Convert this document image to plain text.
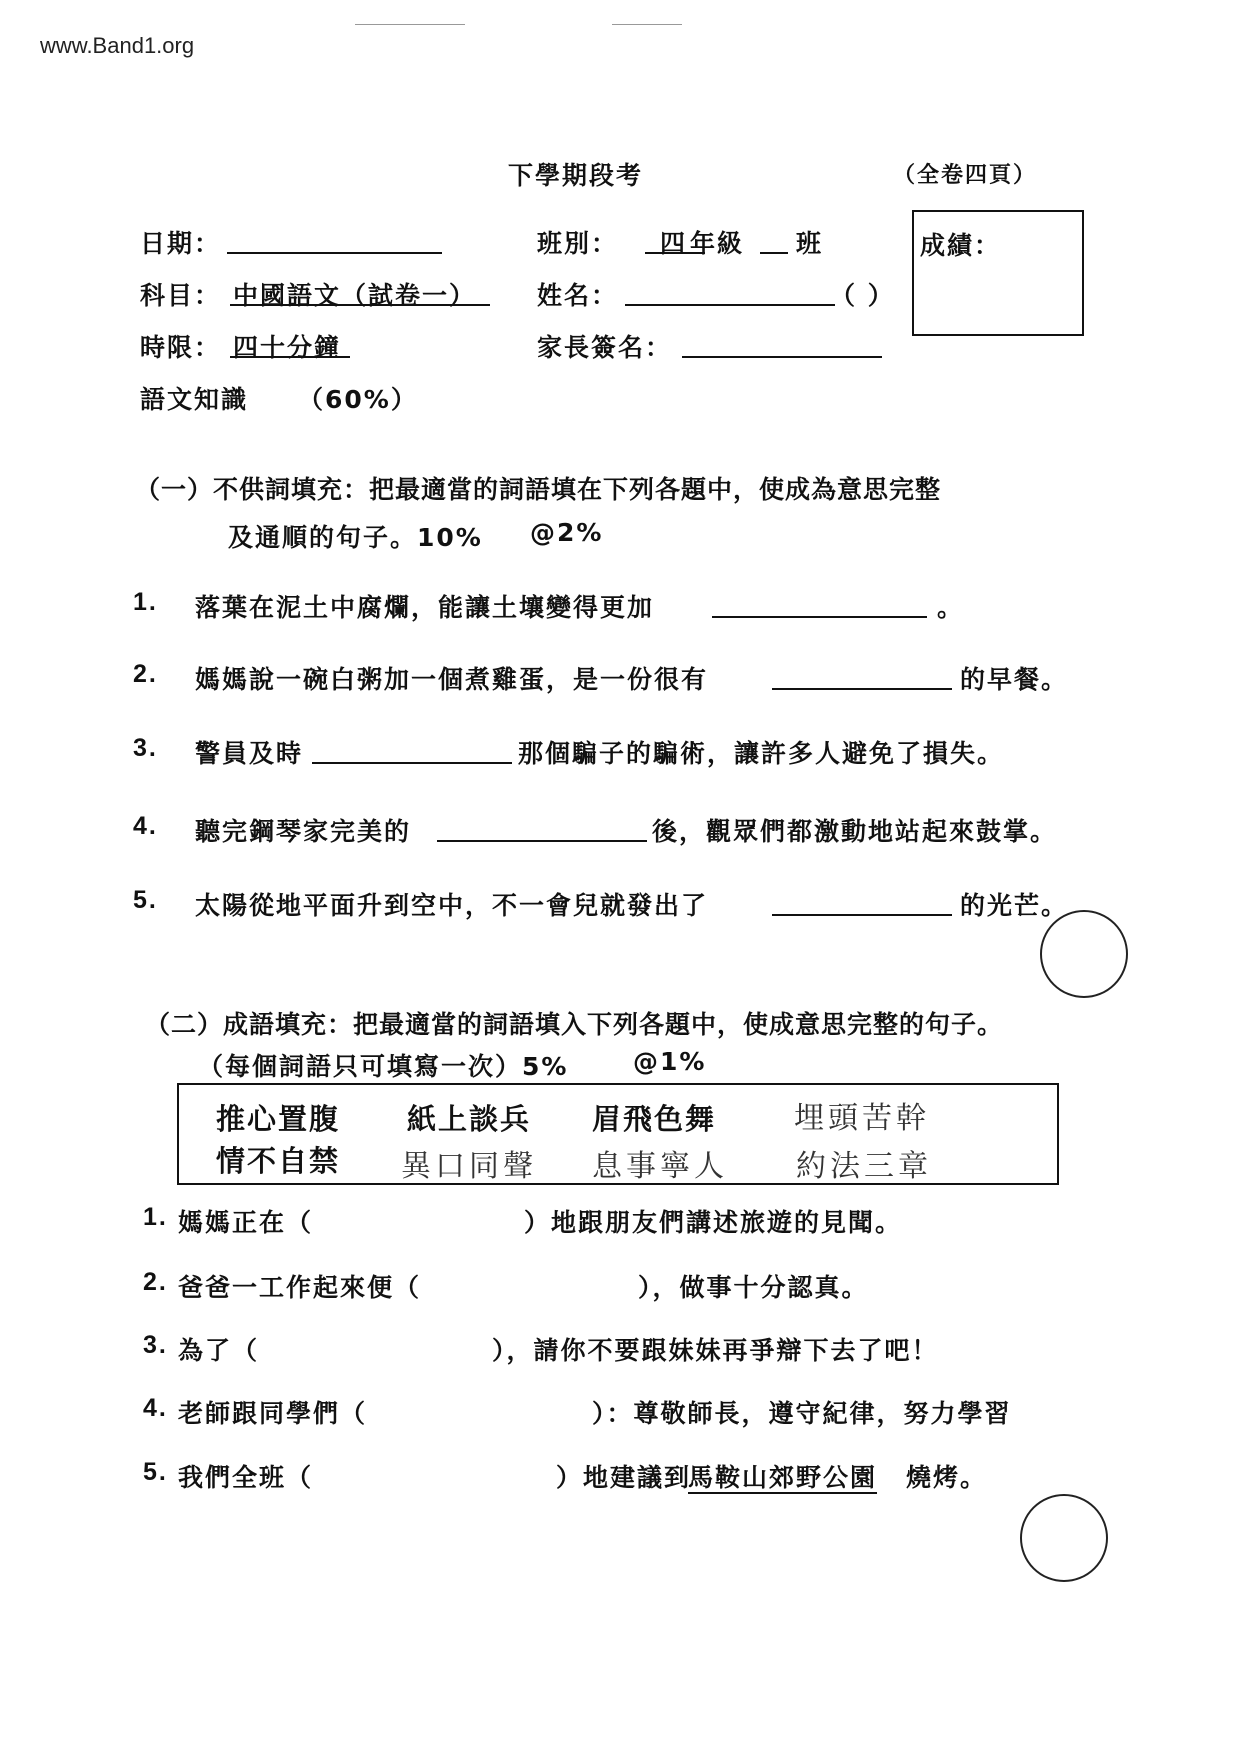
www.Band1.org
下學期段考	（全卷四頁）
日期：	班別： 四 年級 班	成績：
科目： 中國語文（試卷一） 姓名：	（ ）
時限： 四十分鐘	家長簽名：
語文知識 （60%）
（一）不供詞填充：把最適當的詞語填在下列各題中，使成為意思完整
及通順的句子。10% @2%
1. 落葉在泥土中腐爛，能讓土壤變得更加	。
2. 媽媽說一碗白粥加一個煮雞蛋，是一份很有	的早餐。
3. 警員及時	那個騙子的騙術，讓許多人避免了損失。
4. 聽完鋼琴家完美的	後，觀眾們都激動地站起來鼓掌。
5. 太陽從地平面升到空中，不一會兒就發出了	的光芒。
（二）成語填充：把最適當的詞語填入下列各題中，使成意思完整的句子。
（每個詞語只可填寫一次）5%	@1%
推心置腹 紙上談兵 眉飛色舞	埋頭苦幹
情不自禁 異口同聲 息事寧人 約法三章
1. 媽媽正在（	）地跟朋友們講述旅遊的見聞。
2. 爸爸一工作起來便（	），做事十分認真。
3. 為了（	），請你不要跟妹妹再爭辯下去了吧！
4. 老師跟同學們（	）：尊敬師長，遵守紀律，努力學習
5. 我們全班（	）地建議到
馬鞍山郊野公園 燒烤。
